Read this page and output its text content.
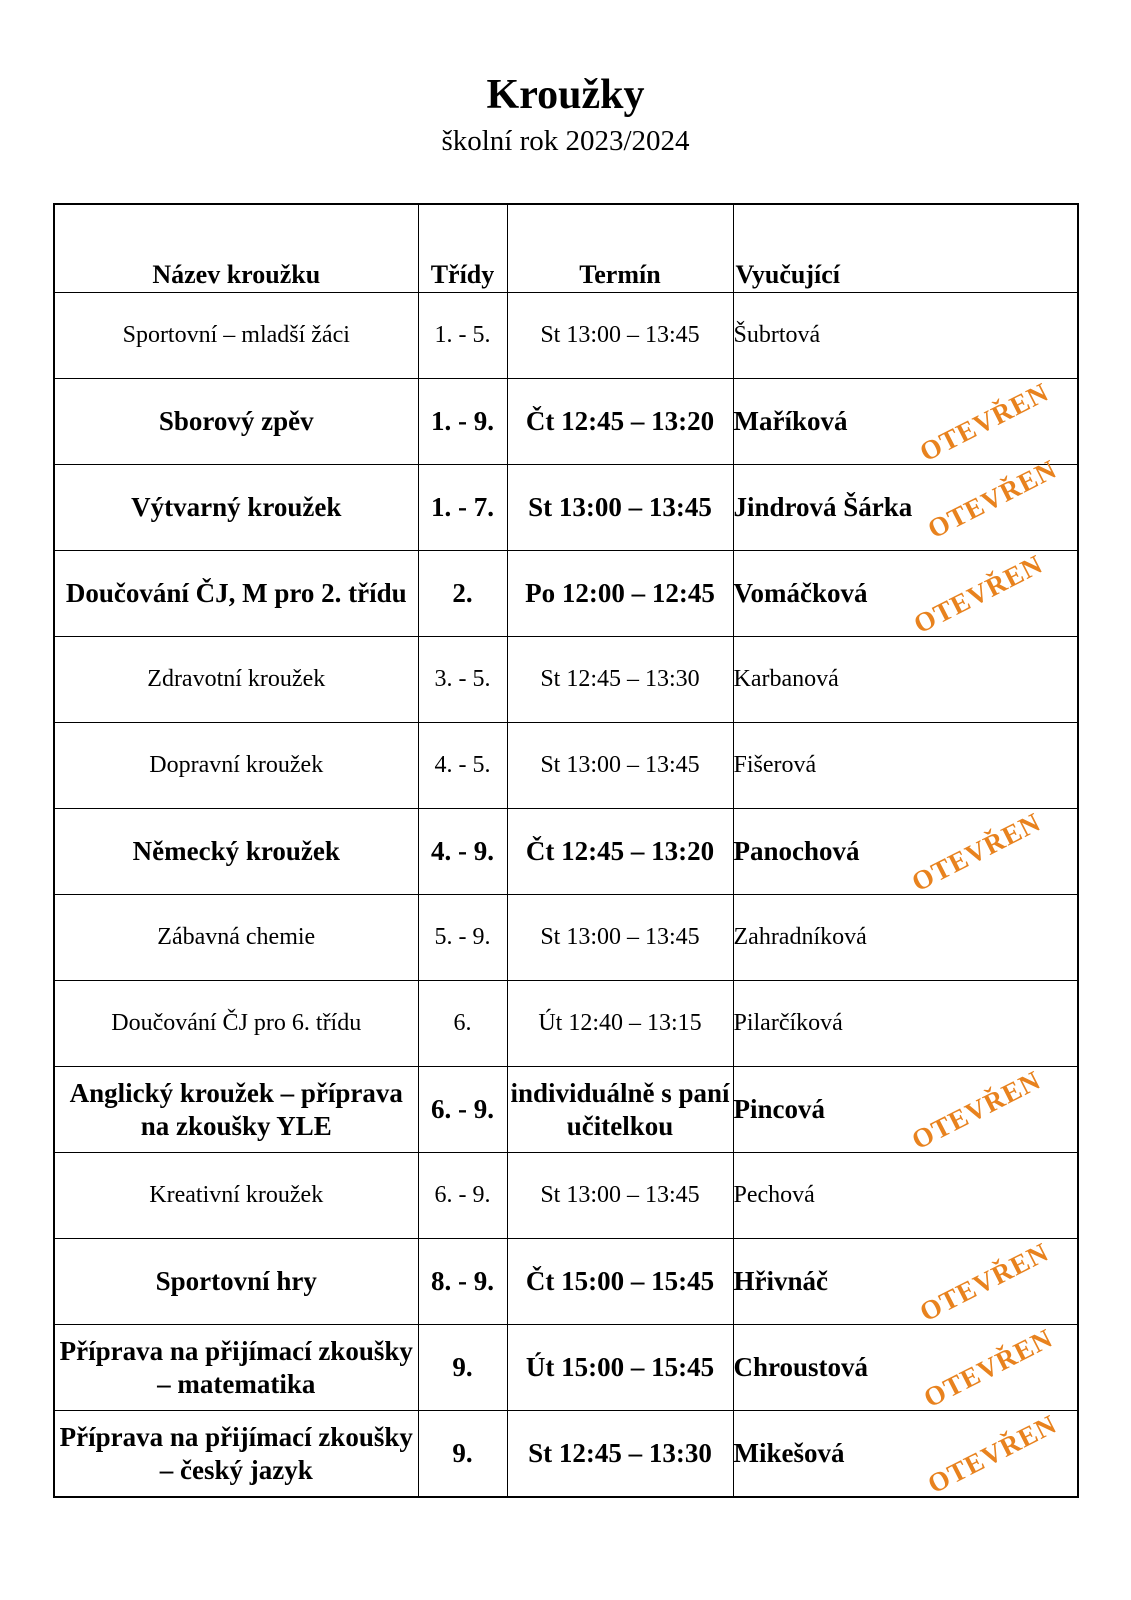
Kroužky
školní rok 2023/2024
Název kroužku	Třídy	Termín	Vyučující
Sportovní – mladší žáci	1. - 5.	St 13:00 – 13:45	Šubrtová
Sborový zpěv	1. - 9.	Čt 12:45 – 13:20	Maříková OTEVŘEN

Výtvarný kroužek	1. - 7.	St 13:00 – 13:45	Jindrová Šárka OTEVŘEN

Doučování ČJ, M pro 2. třídu	2.	Po 12:00 – 12:45	Vomáčková OTEVŘEN

Zdravotní kroužek	3. - 5.	St 12:45 – 13:30	Karbanová
Dopravní kroužek	4. - 5.	St 13:00 – 13:45	Fišerová
Německý kroužek	4. - 9.	Čt 12:45 – 13:20	Panochová OTEVŘEN

Zábavná chemie	5. - 9.	St 13:00 – 13:45	Zahradníková
Doučování ČJ pro 6. třídu	6.	Út 12:40 – 13:15	Pilarčíková
Anglický kroužek – příprava na zkoušky YLE	6. - 9.	individuálně s paní učitelkou	Pincová OTEVŘEN

Kreativní kroužek	6. - 9.	St 13:00 – 13:45	Pechová
Sportovní hry	8. - 9.	Čt 15:00 – 15:45	Hřivnáč OTEVŘEN

Příprava na přijímací zkoušky – matematika	9.	Út 15:00 – 15:45	Chroustová OTEVŘEN

Příprava na přijímací zkoušky – český jazyk	9.	St 12:45 – 13:30	Mikešová OTEVŘEN
